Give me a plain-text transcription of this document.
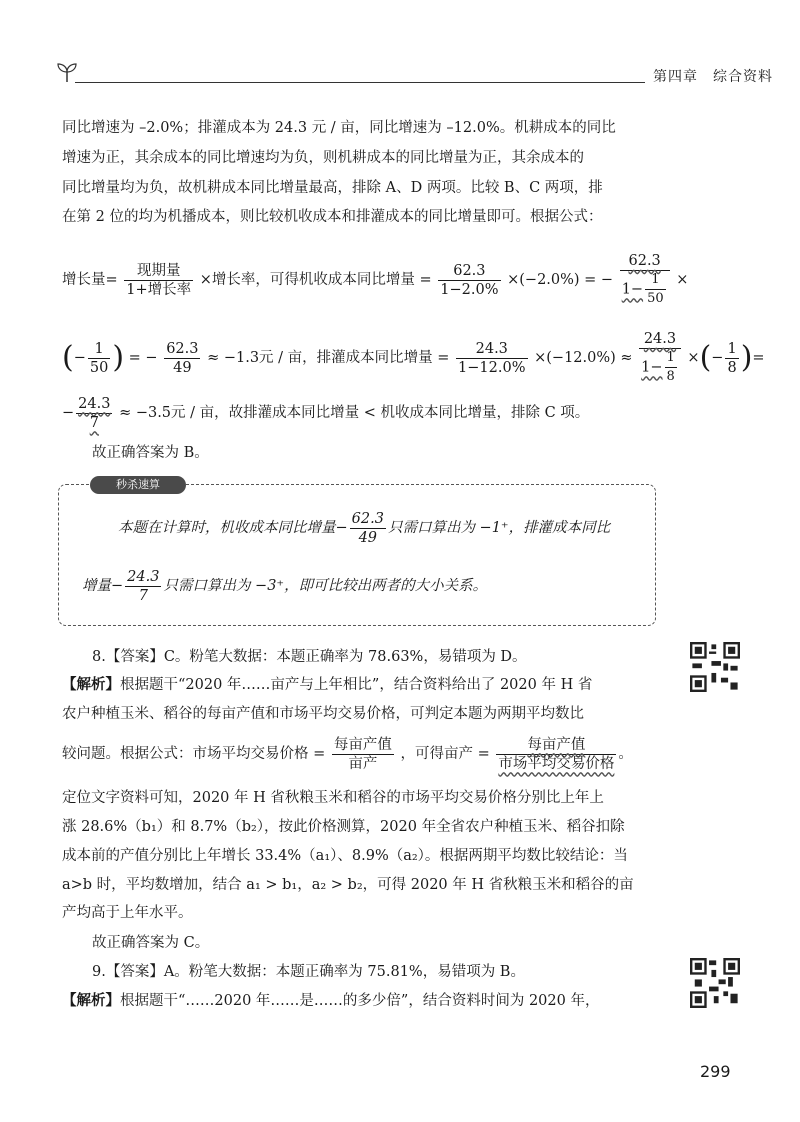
第四章　综合资料
同比增速为 –2.0%；排灌成本为 24.3 元 / 亩，同比增速为 –12.0%。机耕成本的同比
增速为正，其余成本的同比增速均为负，则机耕成本的同比增量为正，其余成本的
同比增量均为负，故机耕成本同比增量最高，排除 A、D 两项。比较 B、C 两项，排
在第 2 位的均为机播成本，则比较机收成本和排灌成本的同比增量即可。根据公式：
增长量= $\frac{\text{现期量}}{\text{1+增长率}}$ ×增长率，可得机收成本同比增量 = $\frac{62.3}{1-2.0\%} \times(-2.0\%)$ = − $\frac{62.3}{1- \frac{1}{50}}$ ×
(− $\frac{1}{50}$ ) = − $\frac{62.3}{49} \approx -1.3$元 / 亩，排灌成本同比增量 = $\frac{24.3}{1-12.0\%} \times(-12.0\%) \approx \frac{24.3}{1- \frac{1}{8}}$ ×(− $\frac{1}{8}$ )=
− $\frac{24.3}{7} \approx -3.5$元 / 亩，故排灌成本同比增量 < 机收成本同比增量，排除 C 项。
故正确答案为 B。
秒杀速算
本题在计算时，机收成本同比增量− $\frac{62.3}{49}$ 只需口算出为 −1⁺，排灌成本同比
增量− $\frac{24.3}{7}$ 只需口算出为 −3⁺，即可比较出两者的大小关系。
8.【答案】C。粉笔大数据：本题正确率为 78.63%，易错项为 D。
【解析】根据题干“2020 年……亩产与上年相比”，结合资料给出了 2020 年 H 省
农户种植玉米、稻谷的每亩产值和市场平均交易价格，可判定本题为两期平均数比
较问题。根据公式：市场平均交易价格 = $\frac{\text{每亩产值}}{\text{亩产}}$ ，可得亩产 = $\frac{\text{每亩产值}}{\text{市场平均交易价格}}$ 。
定位文字资料可知，2020 年 H 省秋粮玉米和稻谷的市场平均交易价格分别比上年上
涨 28.6%（b₁）和 8.7%（b₂），按此价格测算，2020 年全省农户种植玉米、稻谷扣除
成本前的产值分别比上年增长 33.4%（a₁）、8.9%（a₂）。根据两期平均数比较结论：当
a>b 时，平均数增加，结合 a₁ > b₁，a₂ > b₂，可得 2020 年 H 省秋粮玉米和稻谷的亩
产均高于上年水平。
故正确答案为 C。
9.【答案】A。粉笔大数据：本题正确率为 75.81%，易错项为 B。
【解析】根据题干“……2020 年……是……的多少倍”，结合资料时间为 2020 年，
299
